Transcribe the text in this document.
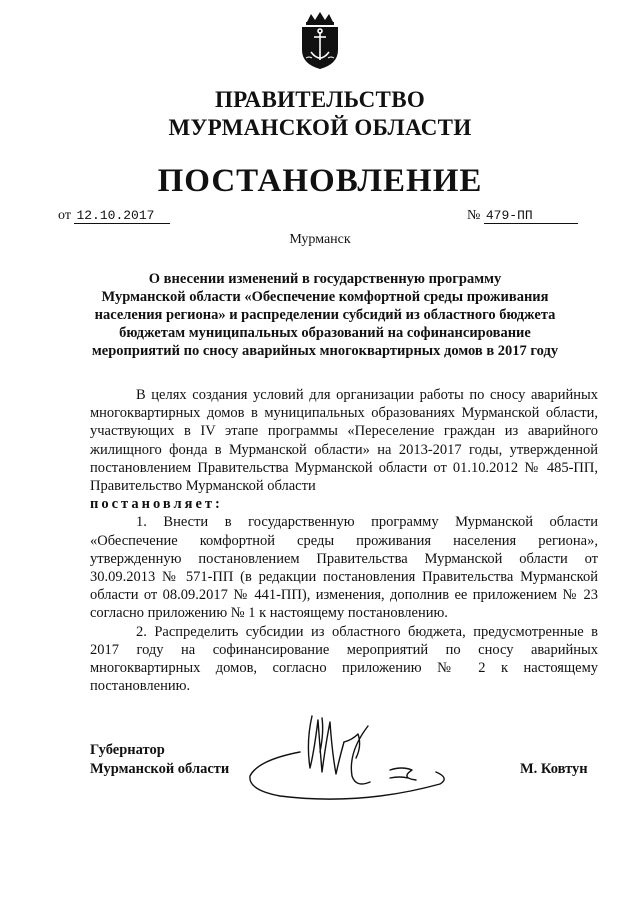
ПРАВИТЕЛЬСТВО
МУРМАНСКОЙ ОБЛАСТИ
ПОСТАНОВЛЕНИЕ
от 12.10.2017	№ 479-ПП
Мурманск
О внесении изменений в государственную программу
Мурманской области «Обеспечение комфортной среды проживания
населения региона» и распределении субсидий из областного бюджета
бюджетам муниципальных образований на софинансирование
мероприятий по сносу аварийных многоквартирных домов в 2017 году

В целях создания условий для организации работы по сносу аварийных многоквартирных домов в муниципальных образованиях Мурманской области, участвующих в IV этапе программы «Переселение граждан из аварийного жилищного фонда в Мурманской области» на 2013-2017 годы, утвержденной постановлением Правительства Мурманской области от 01.10.2012 № 485-ПП, Правительство Мурманской области

постановляет:

1. Внести в государственную программу Мурманской области «Обеспечение комфортной среды проживания населения региона», утвержденную постановлением Правительства Мурманской области от 30.09.2013 № 571-ПП (в редакции постановления Правительства Мурманской области от 08.09.2017 № 441-ПП), изменения, дополнив ее приложением № 23 согласно приложению № 1 к настоящему постановлению.

2. Распределить субсидии из областного бюджета, предусмотренные в 2017 году на софинансирование мероприятий по сносу аварийных многоквартирных домов, согласно приложению № 2 к настоящему постановлению.

Губернатор
Мурманской области	М. Ковтун
